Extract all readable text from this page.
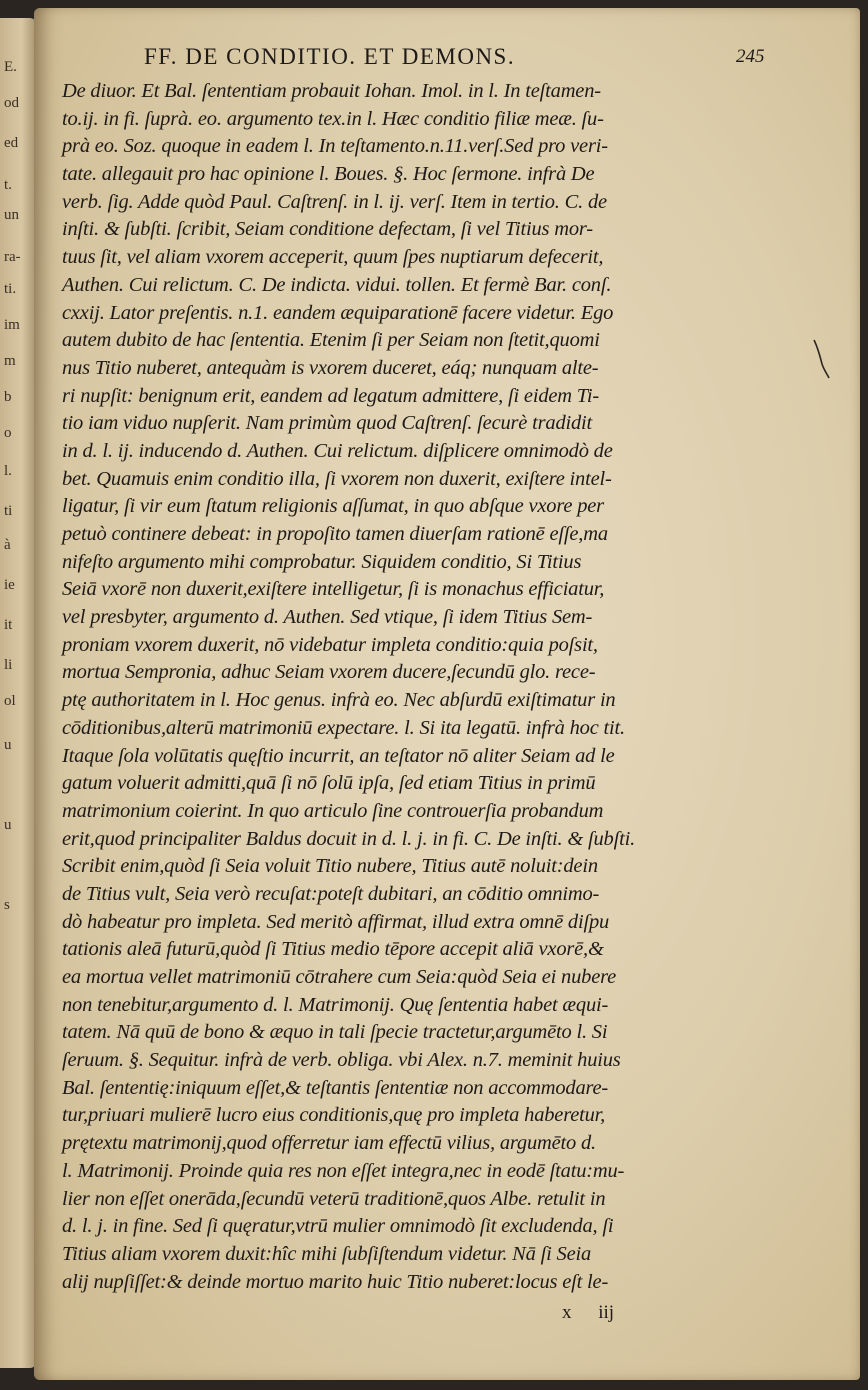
E.
od
ed
t.
un
ra-
ti.
im
m
b
o
l.
ti
à
ie
it
li
ol
u
u
s
FF. DE CONDITIO. ET DEMONS.	245
De diuor. Et Bal. ſententiam probauit Iohan. Imol. in l. In teſtamen-
to.ij. in fi. ſuprà. eo. argumento tex.in l. Hæc conditio filiæ meæ. ſu-
prà eo. Soz. quoque in eadem l. In teſtamento.n.11.verſ.Sed pro veri-
tate. allegauit pro hac opinione l. Boues. §. Hoc ſermone. infrà De
verb. ſig. Adde quòd Paul. Caſtrenſ. in l. ij. verſ. Item in tertio. C. de
inſti. & ſubſti. ſcribit, Seiam conditione defectam, ſi vel Titius mor-
tuus ſit, vel aliam vxorem acceperit, quum ſpes nuptiarum defecerit,
Authen. Cui relictum. C. De indicta. vidui. tollen. Et fermè Bar. conſ.
cxxij. Lator preſentis. n.1. eandem æquiparationē facere videtur. Ego
autem dubito de hac ſententia. Etenim ſi per Seiam non ſtetit,quomi
nus Titio nuberet, antequàm is vxorem duceret, eáq; nunquam alte-
ri nupſit: benignum erit, eandem ad legatum admittere, ſi eidem Ti-
tio iam viduo nupſerit. Nam primùm quod Caſtrenſ. ſecurè tradidit
in d. l. ij. inducendo d. Authen. Cui relictum. diſplicere omnimodò de
bet. Quamuis enim conditio illa, ſi vxorem non duxerit, exiſtere intel-
ligatur, ſi vir eum ſtatum religionis aſſumat, in quo abſque vxore per
petuò continere debeat: in propoſito tamen diuerſam rationē eſſe,ma
nifeſto argumento mihi comprobatur. Siquidem conditio, Si Titius
Seiā vxorē non duxerit,exiſtere intelligetur, ſi is monachus efficiatur,
vel presbyter, argumento d. Authen. Sed vtique, ſi idem Titius Sem-
proniam vxorem duxerit, nō videbatur impleta conditio:quia poſsit,
mortua Sempronia, adhuc Seiam vxorem ducere,ſecundū glo. rece-
ptę authoritatem in l. Hoc genus. infrà eo. Nec abſurdū exiſtimatur in
cōditionibus,alterū matrimoniū expectare. l. Si ita legatū. infrà hoc tit.
Itaque ſola volūtatis quęſtio incurrit, an teſtator nō aliter Seiam ad le
gatum voluerit admitti,quā ſi nō ſolū ipſa, ſed etiam Titius in primū
matrimonium coierint. In quo articulo ſine controuerſia probandum
erit,quod principaliter Baldus docuit in d. l. j. in fi. C. De inſti. & ſubſti.
Scribit enim,quòd ſi Seia voluit Titio nubere, Titius autē noluit:dein
de Titius vult, Seia verò recuſat:poteſt dubitari, an cōditio omnimo-
dò habeatur pro impleta. Sed meritò affirmat, illud extra omnē diſpu
tationis aleā futurū,quòd ſi Titius medio tēpore accepit aliā vxorē,&
ea mortua vellet matrimoniū cōtrahere cum Seia:quòd Seia ei nubere
non tenebitur,argumento d. l. Matrimonij. Quę ſententia habet æqui-
tatem. Nā quū de bono & æquo in tali ſpecie tractetur,argumēto l. Si
ſeruum. §. Sequitur. infrà de verb. obliga. vbi Alex. n.7. meminit huius
Bal. ſententię:iniquum eſſet,& teſtantis ſententiæ non accommodare-
tur,priuari mulierē lucro eius conditionis,quę pro impleta haberetur,
prętextu matrimonij,quod offerretur iam effectū vilius, argumēto d.
l. Matrimonij. Proinde quia res non eſſet integra,nec in eodē ſtatu:mu-
lier non eſſet onerāda,ſecundū veterū traditionē,quos Albe. retulit in
d. l. j. in fine. Sed ſi quęratur,vtrū mulier omnimodò ſit excludenda, ſi
Titius aliam vxorem duxit:hîc mihi ſubſiſtendum videtur. Nā ſi Seia
alij nupſiſſet:& deinde mortuo marito huic Titio nuberet:locus eſt le-
x iij
